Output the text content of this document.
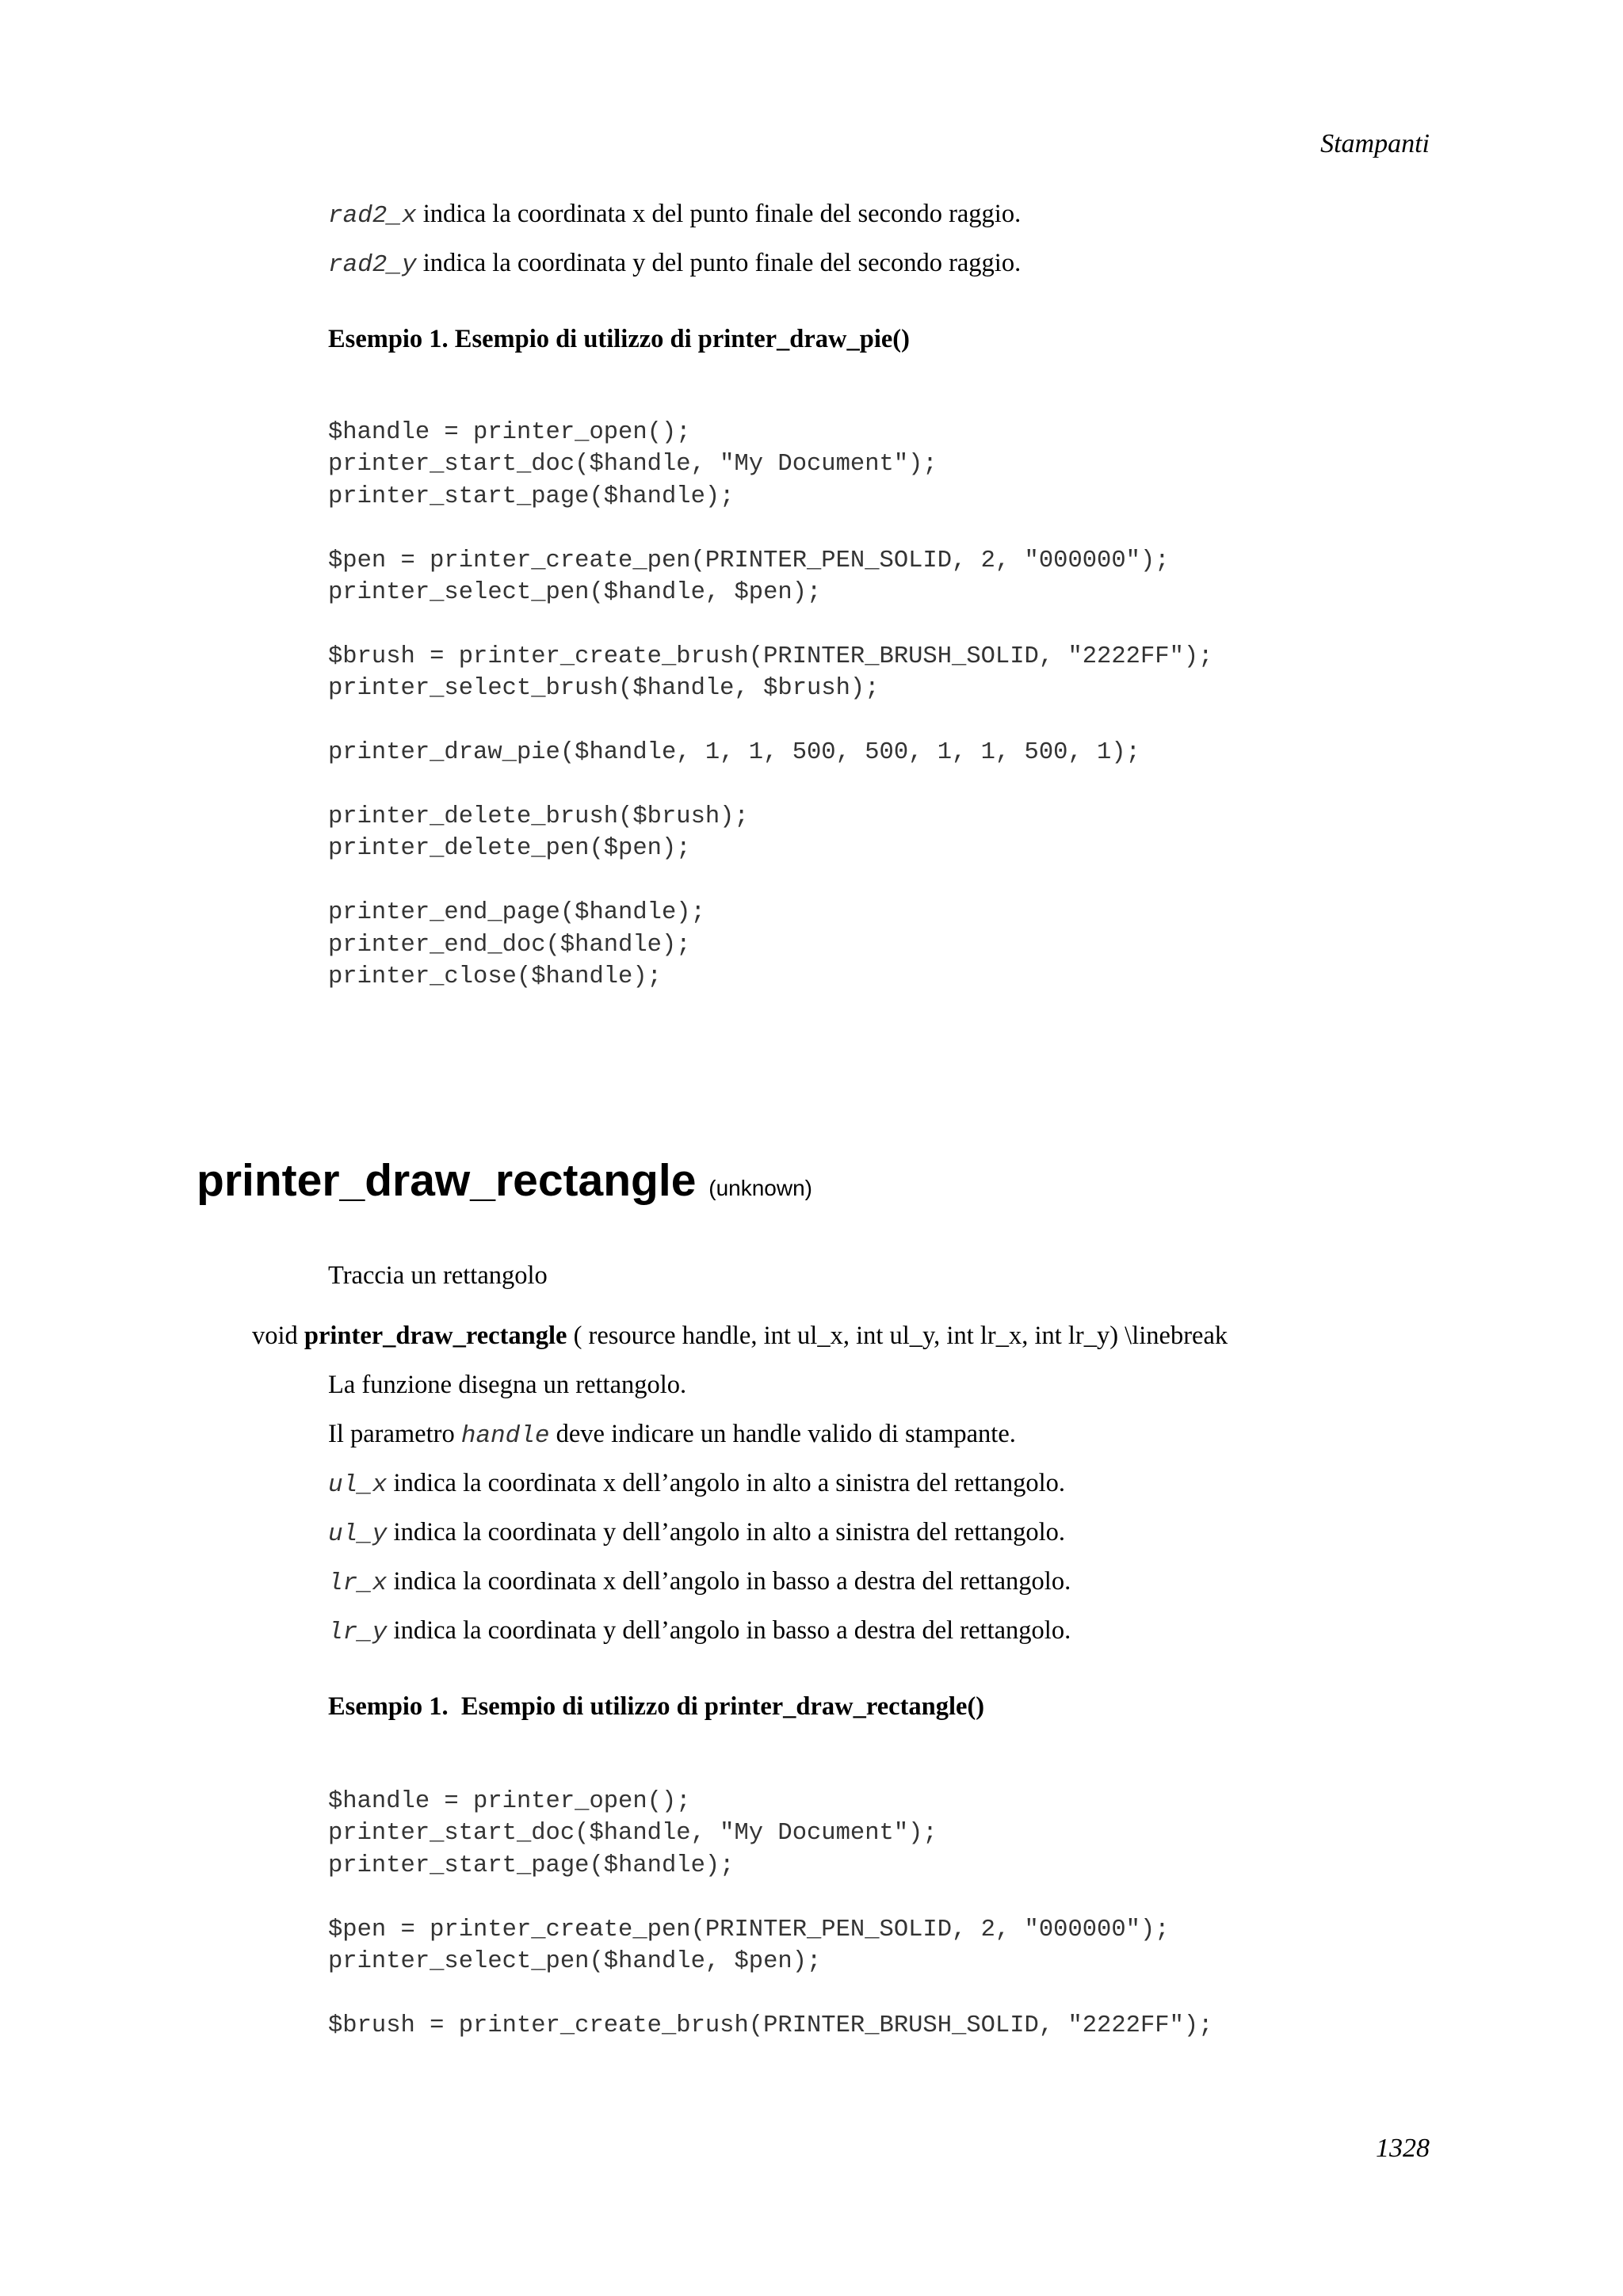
Stampanti
rad2_x indica la coordinata x del punto finale del secondo raggio.
rad2_y indica la coordinata y del punto finale del secondo raggio.
Esempio 1. Esempio di utilizzo di printer_draw_pie()
$handle = printer_open();
printer_start_doc($handle, "My Document");
printer_start_page($handle);

$pen = printer_create_pen(PRINTER_PEN_SOLID, 2, "000000");
printer_select_pen($handle, $pen);

$brush = printer_create_brush(PRINTER_BRUSH_SOLID, "2222FF");
printer_select_brush($handle, $brush);

printer_draw_pie($handle, 1, 1, 500, 500, 1, 1, 500, 1);

printer_delete_brush($brush);
printer_delete_pen($pen);

printer_end_page($handle);
printer_end_doc($handle);
printer_close($handle);
printer_draw_rectangle (unknown)
Traccia un rettangolo
void printer_draw_rectangle ( resource handle, int ul_x, int ul_y, int lr_x, int lr_y) \linebreak
La funzione disegna un rettangolo.
Il parametro handle deve indicare un handle valido di stampante.
ul_x indica la coordinata x dell’angolo in alto a sinistra del rettangolo.
ul_y indica la coordinata y dell’angolo in alto a sinistra del rettangolo.
lr_x indica la coordinata x dell’angolo in basso a destra del rettangolo.
lr_y indica la coordinata y dell’angolo in basso a destra del rettangolo.
Esempio 1.  Esempio di utilizzo di printer_draw_rectangle()
$handle = printer_open();
printer_start_doc($handle, "My Document");
printer_start_page($handle);

$pen = printer_create_pen(PRINTER_PEN_SOLID, 2, "000000");
printer_select_pen($handle, $pen);

$brush = printer_create_brush(PRINTER_BRUSH_SOLID, "2222FF");
1328
